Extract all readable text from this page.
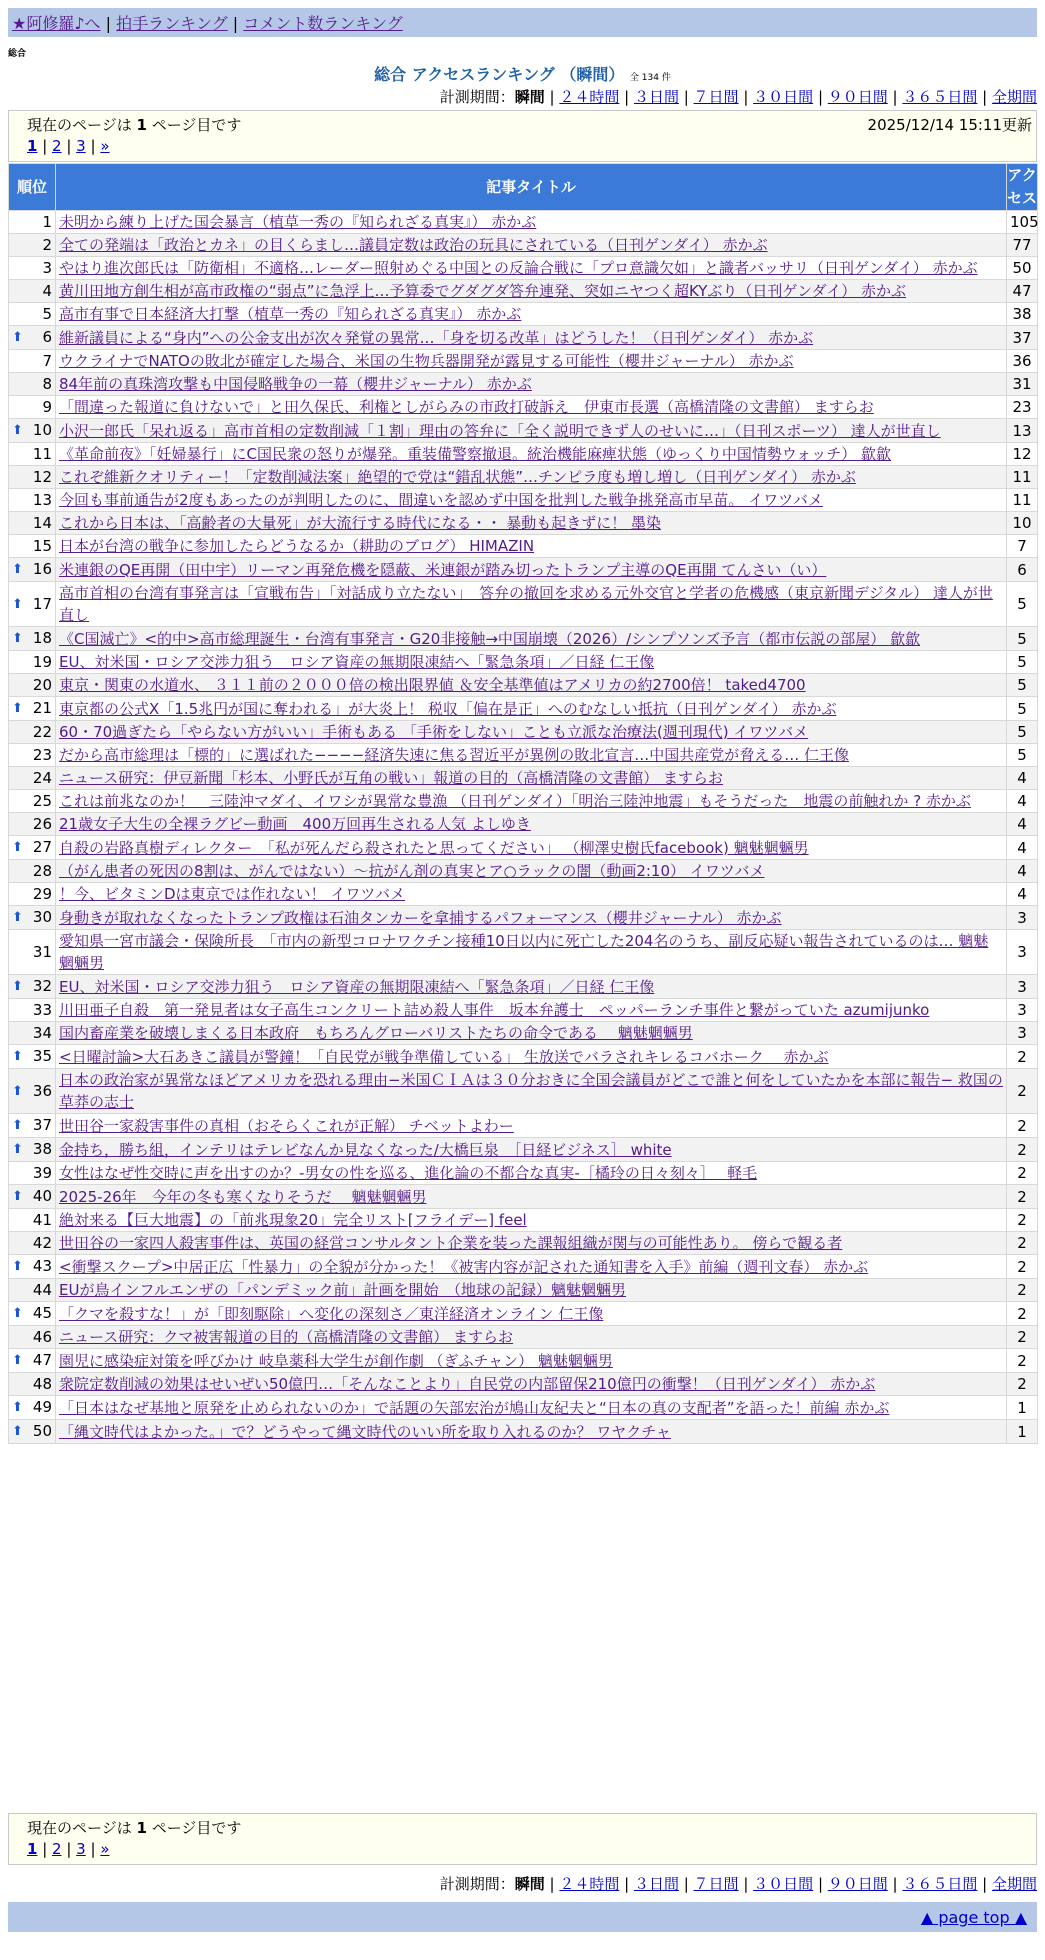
★阿修羅♪へ | 拍手ランキング | コメント数ランキング
総合
総合 アクセスランキング （瞬間） 全 134 件
計測期間：瞬間 | ２４時間 | ３日間 | ７日間 | ３０日間 | ９０日間 | ３６５日間 | 全期間
現在のページは 1 ページ目です	2025/12/14 15:11更新
1 | 2 | 3 | »
順位	記事タイトル	アクセス
1	未明から練り上げた国会暴言（植草一秀の『知られざる真実』） 赤かぶ	105
2	全ての発端は「政治とカネ」の目くらまし…議員定数は政治の玩具にされている（日刊ゲンダイ） 赤かぶ	77
3	やはり進次郎氏は「防衛相」不適格…レーダー照射めぐる中国との反論合戦に「プロ意識欠如」と識者バッサリ（日刊ゲンダイ） 赤かぶ	50
4	黄川田地方創生相が高市政権の“弱点”に急浮上…予算委でグダグダ答弁連発、突如ニヤつく超KYぶり（日刊ゲンダイ） 赤かぶ	47
5	高市有事で日本経済大打撃（植草一秀の『知られざる真実』） 赤かぶ	38

⬆ 6	維新議員による“身内”への公金支出が次々発覚の異常…「身を切る改革」はどうした！（日刊ゲンダイ） 赤かぶ	37
7	ウクライナでNATOの敗北が確定した場合、米国の生物兵器開発が露見する可能性（櫻井ジャーナル） 赤かぶ	36
8	84年前の真珠湾攻撃も中国侵略戦争の一幕（櫻井ジャーナル） 赤かぶ	31
9	「間違った報道に負けないで」と田久保氏、利権としがらみの市政打破訴え　伊東市長選（高橋清隆の文書館） ますらお	23

⬆ 10	小沢一郎氏「呆れ返る」高市首相の定数削減「１割」理由の答弁に「全く説明できず人のせいに…」（日刊スポーツ） 達人が世直し	13
11	《革命前夜》「妊婦暴行」にC国民衆の怒りが爆発。重装備警察撤退。統治機能麻痺状態（ゆっくり中国情勢ウォッチ） 歙歙	12
12	これぞ維新クオリティー！「定数削減法案」絶望的で党は“錯乱状態”…チンピラ度も増し増し（日刊ゲンダイ） 赤かぶ	11
13	今回も事前通告が2度もあったのが判明したのに、間違いを認めず中国を批判した戦争挑発高市早苗。 イワツバメ	11
14	これから日本は、「高齢者の大量死」が大流行する時代になる・・ 暴動も起きずに！ 墨染	10
15	日本が台湾の戦争に参加したらどうなるか（耕助のブログ） HIMAZIN	7

⬆ 16	米連銀のQE再開（田中宇）リーマン再発危機を隠蔽、米連銀が踏み切ったトランプ主導のQE再開 てんさい（い）	6

⬆ 17	高市首相の台湾有事発言は「宣戦布告」「対話成り立たない」　答弁の撤回を求める元外交官と学者の危機感（東京新聞デジタル） 達人が世直し	5

⬆ 18	《C国滅亡》<的中>高市総理誕生・台湾有事発言・G20非接触→中国崩壊（2026）/シンプソンズ予言（都市伝説の部屋） 歙歙	5
19	EU、対米国・ロシア交渉力狙う　ロシア資産の無期限凍結へ「緊急条項」／日経 仁王像	5
20	東京・関東の水道水、 ３１１前の２０００倍の検出限界値 ＆安全基準値はアメリカの約2700倍！ taked4700	5

⬆ 21	東京都の公式X「1.5兆円が国に奪われる」が大炎上！ 税収「偏在是正」へのむなしい抵抗（日刊ゲンダイ） 赤かぶ	5
22	60・70過ぎたら「やらない方がいい」手術もある 「手術をしない」ことも立派な治療法(週刊現代) イワツバメ	5
23	だから高市総理は「標的」に選ばれた−−−−経済失速に焦る習近平が異例の敗北宣言…中国共産党が脅える… 仁王像	5
24	ニュース研究：伊豆新聞「杉本、小野氏が互角の戦い」報道の目的（高橋清隆の文書館） ますらお	4
25	これは前兆なのか！　三陸沖マダイ、イワシが異常な豊漁 （日刊ゲンダイ）「明治三陸沖地震」もそうだった　地震の前触れか ? 赤かぶ	4
26	21歳女子大生の全裸ラグビー動画　400万回再生される人気 よしゆき	4

⬆ 27	自殺の岩路真樹ディレクター　「私が死んだら殺されたと思ってください」 （柳澤史樹氏facebook) 魑魅魍魎男	4
28	（がん患者の死因の8割は、がんではない）～抗がん剤の真実とア○ラックの闇（動画2:10） イワツバメ	4
29	！今、ビタミンDは東京では作れない！ イワツバメ	4

⬆ 30	身動きが取れなくなったトランプ政権は石油タンカーを拿捕するパフォーマンス（櫻井ジャーナル） 赤かぶ	3
31	愛知県一宮市議会・保険所長　「市内の新型コロナワクチン接種10日以内に死亡した204名のうち、副反応疑い報告されているのは… 魑魅魍魎男	3

⬆ 32	EU、対米国・ロシア交渉力狙う　ロシア資産の無期限凍結へ「緊急条項」／日経 仁王像	3
33	川田亜子自殺　第一発見者は女子高生コンクリート詰め殺人事件　坂本弁護士　ペッパーランチ事件と繋がっていた azumijunko	3
34	国内畜産業を破壊しまくる日本政府　もちろんグローバリストたちの命令である　 魑魅魍魎男	3

⬆ 35	<日曜討論>大石あきこ議員が警鐘！「自民党が戦争準備している」 生放送でバラされキレるコバホーク　 赤かぶ	2

⬆ 36	日本の政治家が異常なほどアメリカを恐れる理由−米国ＣＩＡは３０分おきに全国会議員がどこで誰と何をしていたかを本部に報告− 救国の草莽の志士	2

⬆ 37	世田谷一家殺害事件の真相（おそらくこれが正解） チベットよわー	2

⬆ 38	金持ち，勝ち組，インテリはテレビなんか見なくなった/大橋巨泉　［日経ビジネス］ white	2
39	女性はなぜ性交時に声を出すのか？-男女の性を巡る、進化論の不都合な真実-［橘玲の日々刻々］　 軽毛	2

⬆ 40	2025-26年　今年の冬も寒くなりそうだ　 魑魅魍魎男	2
41	絶対来る【巨大地震】の「前兆現象20」完全リスト[フライデー] feel	2
42	世田谷の一家四人殺害事件は、英国の経営コンサルタント企業を装った課報組織が関与の可能性あり。 傍らで観る者	2

⬆ 43	<衝撃スクープ>中居正広「性暴力」の全貌が分かった！《被害内容が記された通知書を入手》前編（週刊文春） 赤かぶ	2
44	EUが鳥インフルエンザの「パンデミック前」計画を開始　（地球の記録）魑魅魍魎男	2

⬆ 45	「クマを殺すな！」が「即刻駆除」へ変化の深刻さ／東洋経済オンライン 仁王像	2
46	ニュース研究：クマ被害報道の目的（高橋清隆の文書館） ますらお	2

⬆ 47	園児に感染症対策を呼びかけ 岐阜薬科大学生が創作劇 （ぎふチャン） 魑魅魍魎男	2
48	衆院定数削減の効果はせいぜい50億円…「そんなことより」自民党の内部留保210億円の衝撃！（日刊ゲンダイ） 赤かぶ	2

⬆ 49	「日本はなぜ基地と原発を止められないのか」で話題の矢部宏治が鳩山友紀夫と“日本の真の支配者”を語った！前編 赤かぶ	1

⬆ 50	「縄文時代はよかった。」で？どうやって縄文時代のいい所を取り入れるのか？ ワヤクチャ	1
現在のページは 1 ページ目です
1 | 2 | 3 | »
計測期間：瞬間 | ２４時間 | ３日間 | ７日間 | ３０日間 | ９０日間 | ３６５日間 | 全期間
▲ page top ▲
